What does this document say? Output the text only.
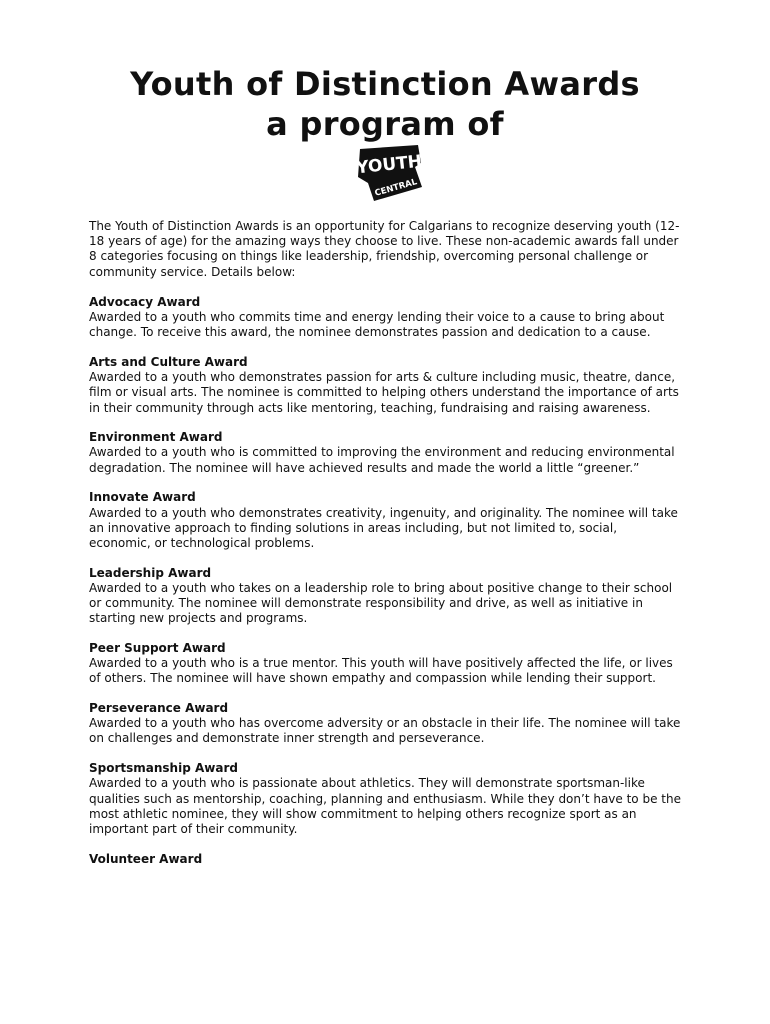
Youth of Distinction Awards
a program of
YOUTH
CENTRAL

The Youth of Distinction Awards is an opportunity for Calgarians to recognize deserving youth (12-18 years of age) for the amazing ways they choose to live. These non-academic awards fall under 8 categories focusing on things like leadership, friendship, overcoming personal challenge or community service. Details below:

Advocacy Award
Awarded to a youth who commits time and energy lending their voice to a cause to bring about change. To receive this award, the nominee demonstrates passion and dedication to a cause.
Arts and Culture Award
Awarded to a youth who demonstrates passion for arts & culture including music, theatre, dance, film or visual arts. The nominee is committed to helping others understand the importance of arts in their community through acts like mentoring, teaching, fundraising and raising awareness.
Environment Award
Awarded to a youth who is committed to improving the environment and reducing environmental degradation. The nominee will have achieved results and made the world a little “greener.”
Innovate Award
Awarded to a youth who demonstrates creativity, ingenuity, and originality. The nominee will take an innovative approach to finding solutions in areas including, but not limited to, social, economic, or technological problems.
Leadership Award
Awarded to a youth who takes on a leadership role to bring about positive change to their school or community. The nominee will demonstrate responsibility and drive, as well as initiative in starting new projects and programs.
Peer Support Award
Awarded to a youth who is a true mentor. This youth will have positively affected the life, or lives of others. The nominee will have shown empathy and compassion while lending their support.
Perseverance Award
Awarded to a youth who has overcome adversity or an obstacle in their life. The nominee will take on challenges and demonstrate inner strength and perseverance.
Sportsmanship Award
Awarded to a youth who is passionate about athletics. They will demonstrate sportsman-like qualities such as mentorship, coaching, planning and enthusiasm. While they don’t have to be the most athletic nominee, they will show commitment to helping others recognize sport as an important part of their community.
Volunteer Award
